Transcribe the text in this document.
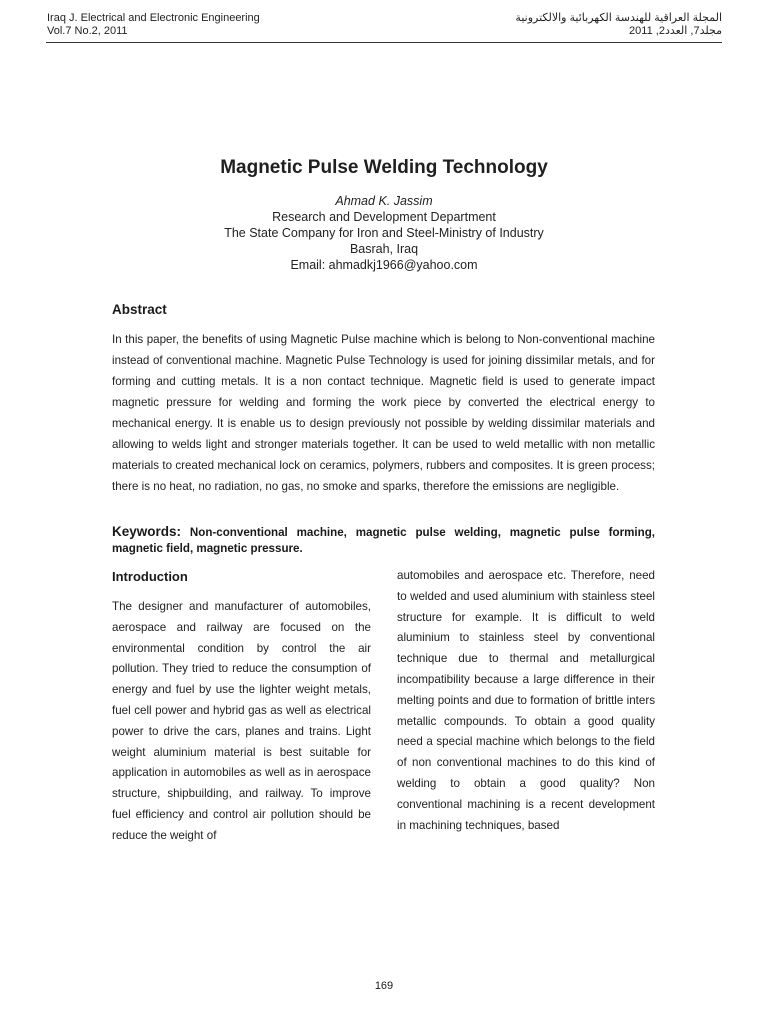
Iraq J. Electrical and Electronic Engineering
Vol.7 No.2, 2011
المجلة العراقية للهندسة الكهربائية والالكترونية
مجلد7, العدد2, 2011
Magnetic Pulse Welding Technology
Ahmad K. Jassim
Research and Development Department
The State Company for Iron and Steel-Ministry of Industry
Basrah, Iraq
Email: ahmadkj1966@yahoo.com
Abstract

In this paper, the benefits of using Magnetic Pulse machine which is belong to Non-conventional machine instead of conventional machine. Magnetic Pulse Technology is used for joining dissimilar metals, and for forming and cutting metals. It is a non contact technique. Magnetic field is used to generate impact magnetic pressure for welding and forming the work piece by converted the electrical energy to mechanical energy. It is enable us to design previously not possible by welding dissimilar materials and allowing to welds light and stronger materials together. It can be used to weld metallic with non metallic materials to created mechanical lock on ceramics, polymers, rubbers and composites. It is green process; there is no heat, no radiation, no gas, no smoke and sparks, therefore the emissions are negligible.

Keywords: Non-conventional machine, magnetic pulse welding, magnetic pulse forming, magnetic field, magnetic pressure.
Introduction

The designer and manufacturer of automobiles, aerospace and railway are focused on the environmental condition by control the air pollution. They tried to reduce the consumption of energy and fuel by use the lighter weight metals, fuel cell power and hybrid gas as well as electrical power to drive the cars, planes and trains. Light weight aluminium material is best suitable for application in automobiles as well as in aerospace structure, shipbuilding, and railway. To improve fuel efficiency and control air pollution should be reduce the weight of

automobiles and aerospace etc. Therefore, need to welded and used aluminium with stainless steel structure for example. It is difficult to weld aluminium to stainless steel by conventional technique due to thermal and metallurgical incompatibility because a large difference in their melting points and due to formation of brittle inters metallic compounds. To obtain a good quality need a special machine which belongs to the field of non conventional machines to do this kind of welding to obtain a good quality? Non conventional machining is a recent development in machining techniques, based

169
